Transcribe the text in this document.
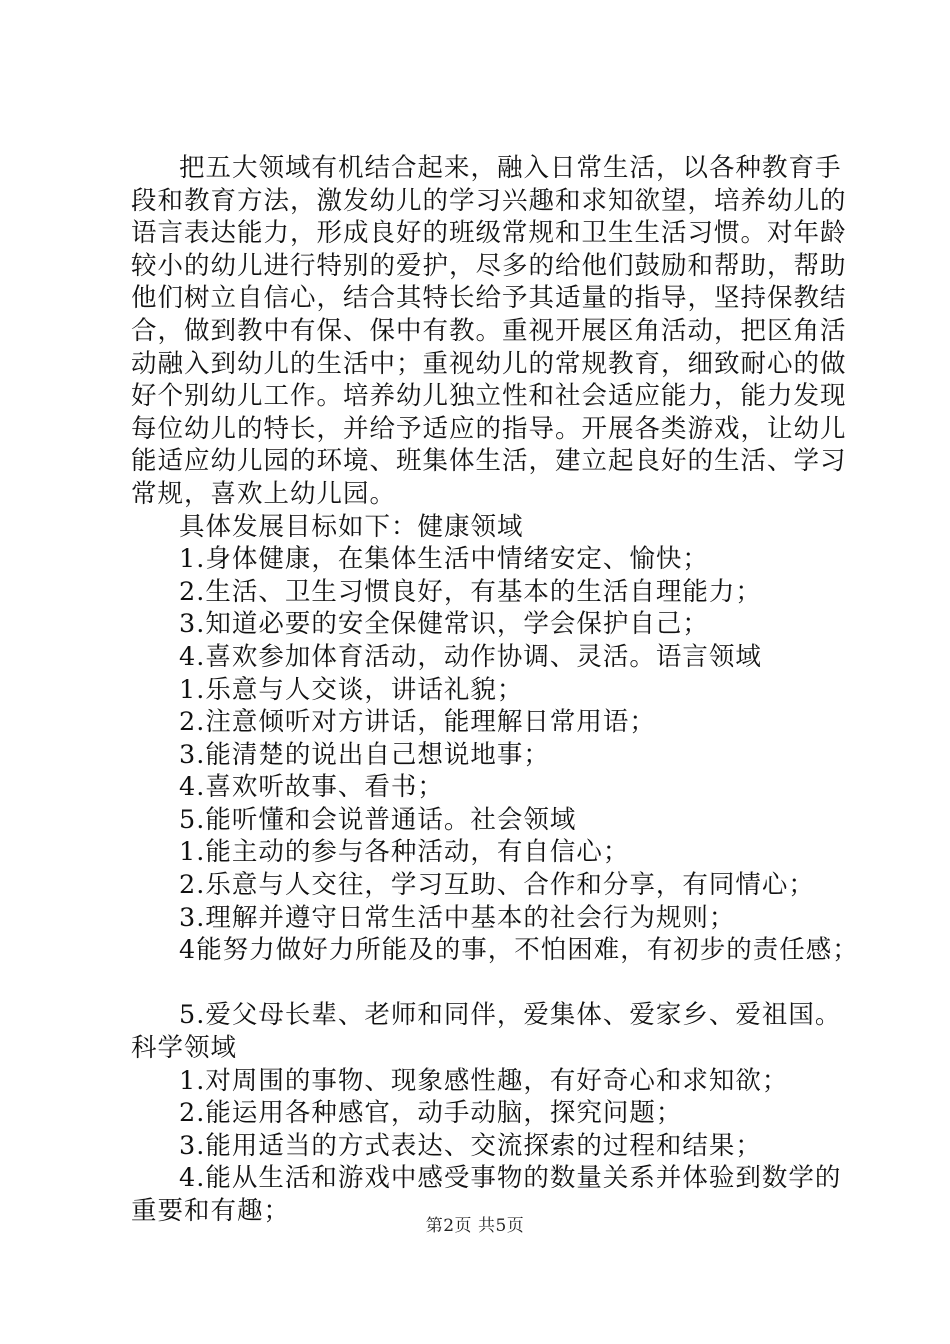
把五大领域有机结合起来，融入日常生活，以各种教育手
段和教育方法，激发幼儿的学习兴趣和求知欲望，培养幼儿的
语言表达能力，形成良好的班级常规和卫生生活习惯。对年龄
较小的幼儿进行特别的爱护，尽多的给他们鼓励和帮助，帮助
他们树立自信心，结合其特长给予其适量的指导，坚持保教结
合，做到教中有保、保中有教。重视开展区角活动，把区角活
动融入到幼儿的生活中；重视幼儿的常规教育，细致耐心的做
好个别幼儿工作。培养幼儿独立性和社会适应能力，能力发现
每位幼儿的特长，并给予适应的指导。开展各类游戏，让幼儿
能适应幼儿园的环境、班集体生活，建立起良好的生活、学习
常规，喜欢上幼儿园。

具体发展目标如下：健康领域

1.身体健康，在集体生活中情绪安定、愉快；

2.生活、卫生习惯良好，有基本的生活自理能力；

3.知道必要的安全保健常识，学会保护自己；

4.喜欢参加体育活动，动作协调、灵活。语言领域

1.乐意与人交谈，讲话礼貌；

2.注意倾听对方讲话，能理解日常用语；

3.能清楚的说出自己想说地事；

4.喜欢听故事、看书；

5.能听懂和会说普通话。社会领域

1.能主动的参与各种活动，有自信心；

2.乐意与人交往，学习互助、合作和分享，有同情心；

3.理解并遵守日常生活中基本的社会行为规则；

4能努力做好力所能及的事，不怕困难，有初步的责任感；

5.爱父母长辈、老师和同伴，爱集体、爱家乡、爱祖国。
科学领域

1.对周围的事物、现象感性趣，有好奇心和求知欲；

2.能运用各种感官，动手动脑，探究问题；

3.能用适当的方式表达、交流探索的过程和结果；

4.能从生活和游戏中感受事物的数量关系并体验到数学的
重要和有趣；	第2页 共5页
